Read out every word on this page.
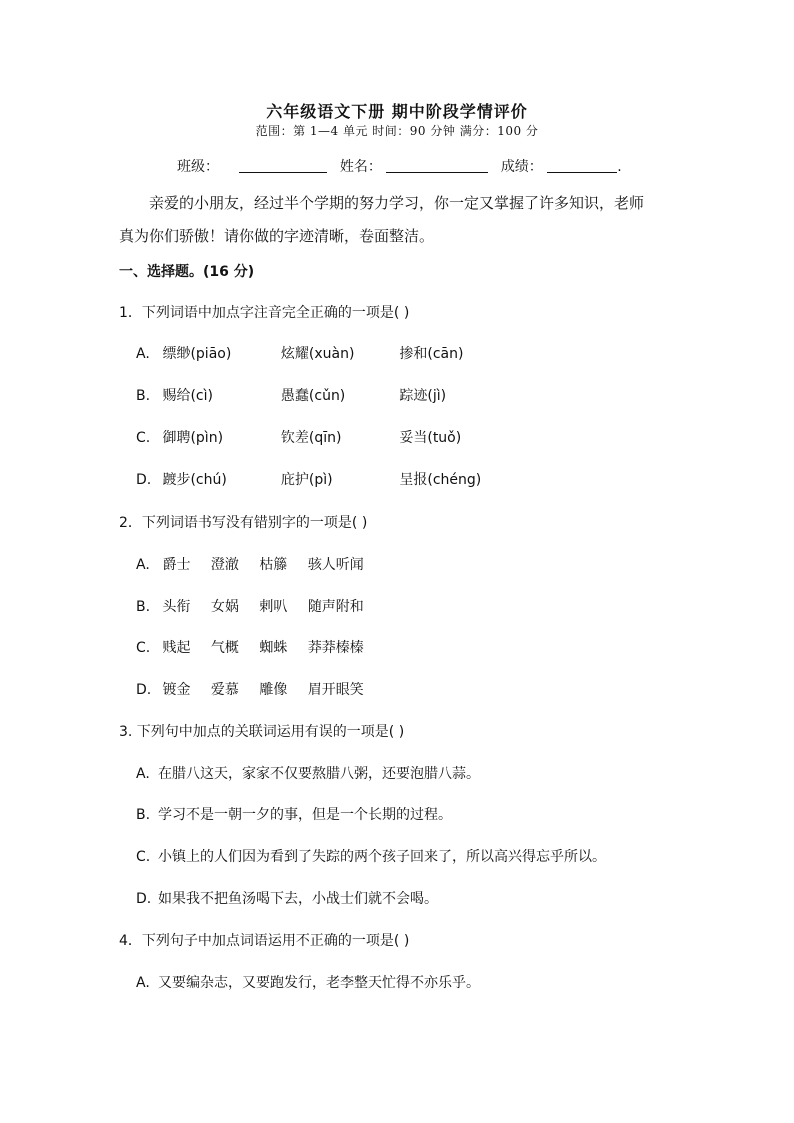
六年级语文下册 期中阶段学情评价
范围：第 1—4 单元 时间：90 分钟 满分：100 分
班级：	姓名：	成绩：	.
亲爱的小朋友，经过半个学期的努力学习，你一定又掌握了许多知识，老师
真为你们骄傲！请你做的字迹清晰，卷面整洁。
一、选择题。(16 分)
1．下列词语中加点字注音完全正确的一项是( )
A. 缥缈(piāo)	炫耀(xuàn)	掺和(cān)
B. 赐给(cì)	愚蠢(cǔn)	踪迹(jì)
C. 御聘(pìn)	钦差(qīn)	妥当(tuǒ)
D. 踱步(chú)	庇护(pì)	呈报(chéng)
2．下列词语书写没有错别字的一项是( )
A. 爵士 澄澈 枯籐 骇人听闻
B. 头衔 女娲 剌叭 随声附和
C. 贱起 气概 蜘蛛 莽莽榛榛
D. 镀金 爱慕 雕像 眉开眼笑
3. 下列句中加点的关联词运用有误的一项是( )
A. 在腊八这天，家家不仅要熬腊八粥，还要泡腊八蒜。
B. 学习不是一朝一夕的事，但是一个长期的过程。
C. 小镇上的人们因为看到了失踪的两个孩子回来了，所以高兴得忘乎所以。
D. 如果我不把鱼汤喝下去，小战士们就不会喝。
4．下列句子中加点词语运用不正确的一项是( )
A. 又要编杂志，又要跑发行，老李整天忙得不亦乐乎。
